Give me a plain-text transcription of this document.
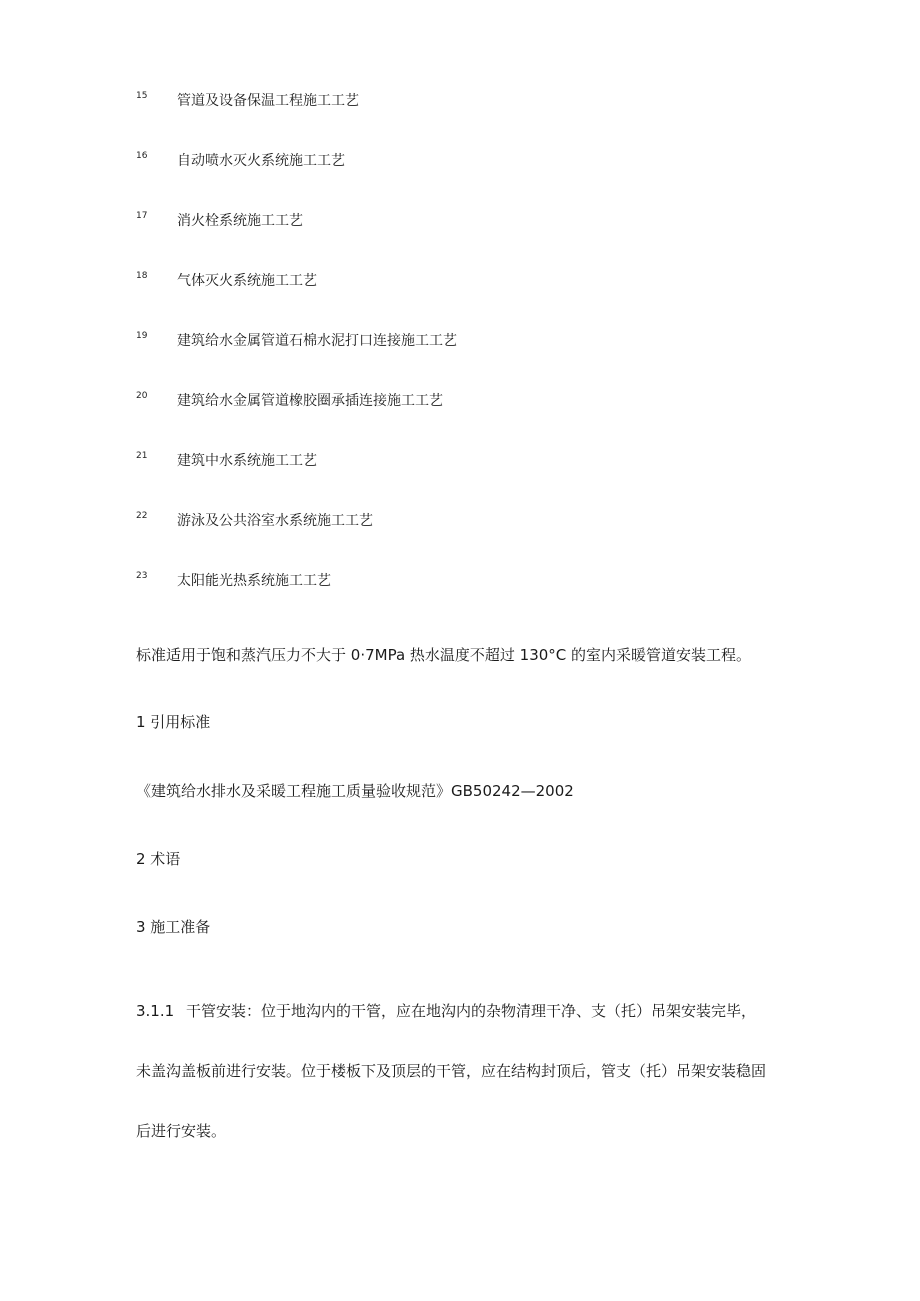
15 管道及设备保温工程施工工艺
16 自动喷水灭火系统施工工艺
17 消火栓系统施工工艺
18 气体灭火系统施工工艺
19 建筑给水金属管道石棉水泥打口连接施工工艺
20 建筑给水金属管道橡胶圈承插连接施工工艺
21 建筑中水系统施工工艺
22 游泳及公共浴室水系统施工工艺
23 太阳能光热系统施工工艺
标准适用于饱和蒸汽压力不大于 0·7MPa 热水温度不超过 130°C 的室内采暖管道安装工程。
1 引用标准
《建筑给水排水及采暖工程施工质量验收规范》GB50242—2002
2 术语
3 施工准备
3.1.1 干管安装：位于地沟内的干管，应在地沟内的杂物清理干净、支（托）吊架安装完毕，
未盖沟盖板前进行安装。位于楼板下及顶层的干管，应在结构封顶后，管支（托）吊架安装稳固
后进行安装。
